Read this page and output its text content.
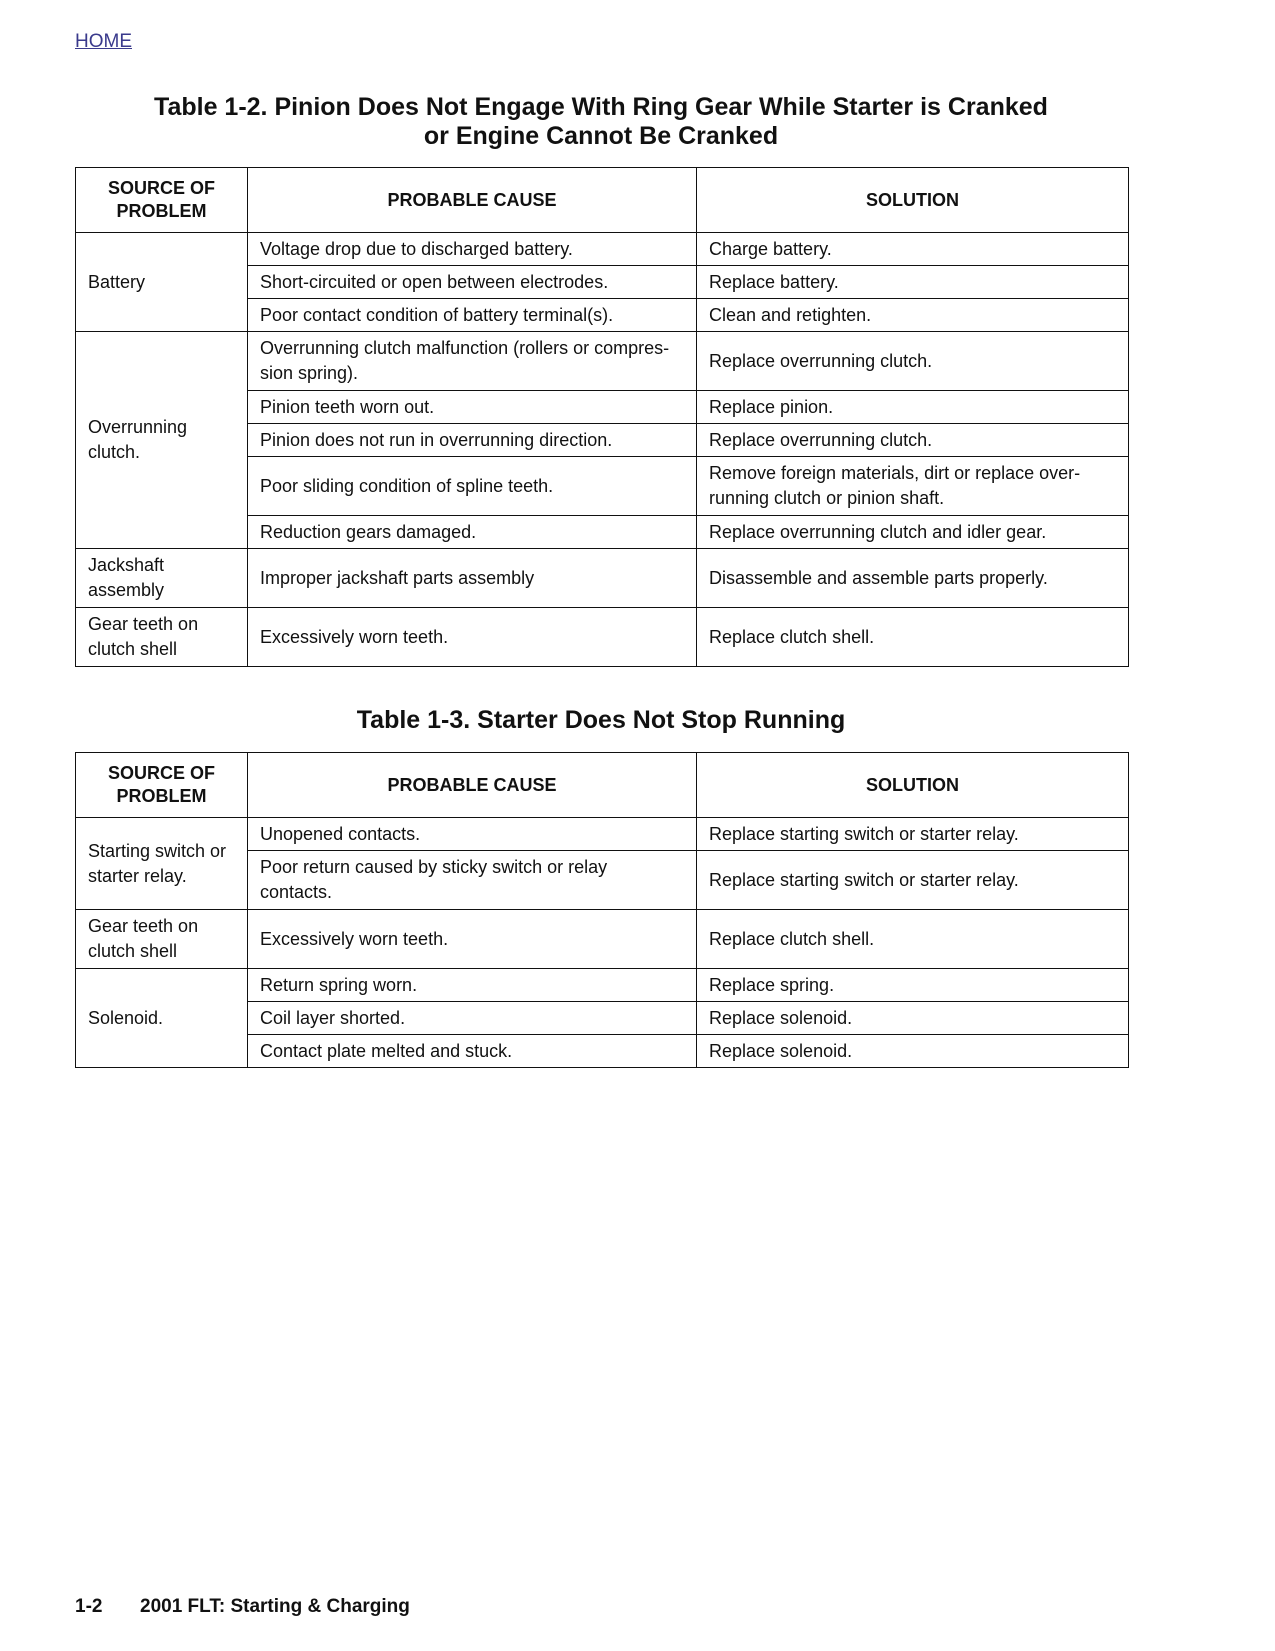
HOME
Table 1-2. Pinion Does Not Engage With Ring Gear While Starter is Cranked
or Engine Cannot Be Cranked
SOURCE OF PROBLEM	PROBABLE CAUSE	SOLUTION
Battery	Voltage drop due to discharged battery.	Charge battery.
	Short-circuited or open between electrodes.	Replace battery.
	Poor contact condition of battery terminal(s).	Clean and retighten.
Overrunning clutch.	Overrunning clutch malfunction (rollers or compres-sion spring).	Replace overrunning clutch.
	Pinion teeth worn out.	Replace pinion.
	Pinion does not run in overrunning direction.	Replace overrunning clutch.
	Poor sliding condition of spline teeth.	Remove foreign materials, dirt or replace over-running clutch or pinion shaft.
	Reduction gears damaged.	Replace overrunning clutch and idler gear.
Jackshaft assembly	Improper jackshaft parts assembly	Disassemble and assemble parts properly.
Gear teeth on clutch shell	Excessively worn teeth.	Replace clutch shell.
Table 1-3. Starter Does Not Stop Running
SOURCE OF PROBLEM	PROBABLE CAUSE	SOLUTION
Starting switch or starter relay.	Unopened contacts.	Replace starting switch or starter relay.
	Poor return caused by sticky switch or relay contacts.	Replace starting switch or starter relay.
Gear teeth on clutch shell	Excessively worn teeth.	Replace clutch shell.
Solenoid.	Return spring worn.	Replace spring.
	Coil layer shorted.	Replace solenoid.
	Contact plate melted and stuck.	Replace solenoid.
1-2 2001 FLT: Starting & Charging
